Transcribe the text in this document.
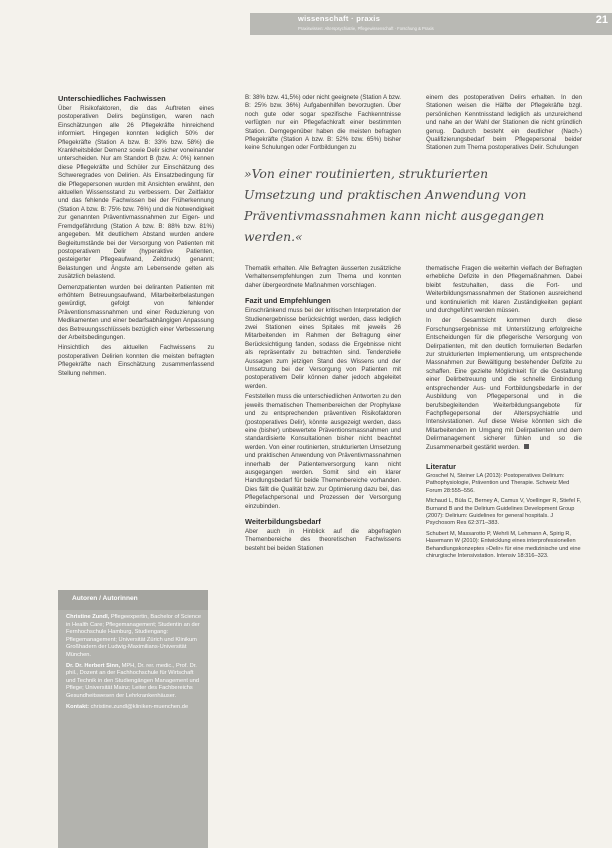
wissenschaft · praxis
Praxiswissen: Alterspsychiatrie, Pflegewissenschaft · Forschung & Praxis
21
Unterschiedliches Fachwissen

Über Risikofaktoren, die das Auftreten eines postoperativen Delirs begünstigen, waren nach Einschätzungen alle 26 Pflegekräfte hinreichend informiert. Hingegen konnten lediglich 50% der Pflegekräfte (Station A bzw. B: 33% bzw. 58%) die Krankheitsbilder Demenz sowie Delir sicher voneinander unterscheiden. Nur am Standort B (bzw. A: 0%) kennen diese Pflegekräfte und Schüler zur Einschätzung des Schweregrades von Delirien. Als Einsatzbedingung für die Pflegepersonen wurden mit Ansichten erwähnt, den aktuellen Wissensstand zu verbessern. Der Zeitfaktor und das fehlende Fachwissen bei der Früherkennung (Station A bzw. B: 75% bzw. 76%) und die Notwendigkeit zur genannten Präventivmassnahmen zur Eigen- und Fremdgefährdung (Station A bzw. B: 88% bzw. 81%) angegeben. Mit deutlichem Abstand wurden andere Begleitumstände bei der Versorgung von Patienten mit postoperativem Delir (hyperaktive Patienten, gesteigerter Pflegeaufwand, Zeitdruck) genannt; Belastungen und Ängste am Lebensende gelten als zusätzlich belastend.

Demenzpatienten wurden bei deliranten Patienten mit erhöhtem Betreuungsaufwand, Mitarbeiterbelastungen gewürdigt, gefolgt von fehlender Präventionsmassnahmen und einer Reduzierung von Medikamenten und einer bedarfsabhängigen Anpassung des Betreuungsschlüssels bezüglich einer Verbesserung der Arbeitsbedingungen.

Hinsichtlich des aktuellen Fachwissens zu postoperativen Delirien konnten die meisten befragten Pflegekräfte nach Einschätzung zusammenfassend Stellung nehmen.

B: 38% bzw. 41,5%) oder nicht geeignete (Station A bzw. B: 25% bzw. 36%) Aufgabenhilfen bevorzugten. Über noch gute oder sogar spezifische Fachkenntnisse verfügten nur ein Pflegefachkraft einer bestimmten Station. Demgegenüber haben die meisten befragten Pflegekräfte (Station A bzw. B: 52% bzw. 65%) bisher keine Schulungen oder Fortbildungen zu

einem des postoperativen Delirs erhalten. In den Stationen weisen die Hälfte der Pflegekräfte bzgl. persönlichen Kenntnisstand lediglich als unzureichend und nahe an der Wahl der Stationen die nicht gründlich genug. Dadurch besteht ein deutlicher (Nach-) Qualifizierungsbedarf beim Pflegepersonal beider Stationen zum Thema postoperatives Delir. Schulungen

»Von einer routinierten, strukturierten Umsetzung und praktischen Anwendung von Präventivmassnahmen kann nicht ausgegangen werden.«

Thematik erhalten. Alle Befragten äusserten zusätzliche Verhaltensempfehlungen zum Thema und konnten daher übergeordnete Maßnahmen vorschlagen.

Fazit und Empfehlungen

Einschränkend muss bei der kritischen Interpretation der Studienergebnisse berücksichtigt werden, dass lediglich zwei Stationen eines Spitales mit jeweils 26 Mitarbeitenden im Rahmen der Befragung einer Berücksichtigung fanden, sodass die Ergebnisse nicht als repräsentativ zu betrachten sind. Tendenzielle Aussagen zum jetzigen Stand des Wissens und der Umsetzung bei der Versorgung von Patienten mit postoperativem Delir können daher jedoch abgeleitet werden.

Feststellen muss die unterschiedlichen Antworten zu den jeweils thematischen Themenbereichen der Prophylaxe und zu entsprechenden präventiven Risikofaktoren (postoperatives Delir), könnte ausgezeigt werden, dass eine (bisher) unbewertete Präventionsmassnahmen und standardisierte Konsultationen bisher nicht beachtet werden. Von einer routinierten, strukturierten Umsetzung und praktischen Anwendung von Präventivmassnahmen innerhalb der Patientenversorgung kann nicht ausgegangen werden. Somit sind ein klarer Handlungsbedarf für beide Themenbereiche vorhanden. Dies fällt die Qualität bzw. zur Optimierung dazu bei, das Pflegefachpersonal und Prozessen der Versorgung einzubinden.

Weiterbildungsbedarf

Aber auch in Hinblick auf die abgefragten Themenbereiche des theoretischen Fachwissens besteht bei beiden Stationen

thematische Fragen die weiterhin vielfach der Befragten erhebliche Defizite in den Pflegemaßnahmen. Dabei bleibt festzuhalten, dass die Fort- und Weiterbildungsmassnahmen der Stationen ausreichend und kontinuierlich mit klaren Zuständigkeiten geplant und durchgeführt werden müssen.

In der Gesamtsicht kommen durch diese Forschungsergebnisse mit Unterstützung erfolgreiche Entscheidungen für die pflegerische Versorgung von Delirpatienten, mit den deutlich formulierten Bedarfen zur strukturierten Implementierung, um entsprechende Massnahmen zur Bewältigung bestehender Defizite zu schaffen. Eine gezielte Möglichkeit für die Gestaltung einer Delirbetreuung und die schnelle Einbindung entsprechender Aus- und Fortbildungsbedarfe in der Ausbildung von Pflegepersonal und in die berufsbegleitenden Weiterbildungsangebote für Fachpflegepersonal der Alterspsychiatrie und Intensivstationen. Auf diese Weise könnten sich die Mitarbeitenden im Umgang mit Delirpatienten und dem Delirmanagement sicherer fühlen und so die Zusammenarbeit gestärkt werden.

Literatur

Groschel N, Steiner LA (2013): Postoperatives Delirium: Pathophysiologie, Prävention und Therapie. Schweiz Med Forum 28:555–556.

Michaud L, Büla C, Berney A, Camus V, Voellinger R, Stiefel F, Burnand B and the Delirium Guidelines Development Group (2007): Delirium: Guidelines for general hospitals. J Psychosom Res 62:371–383.

Schubert M, Massarotto P, Wehrli M, Lehmann A, Spirig R, Hasemann W (2010): Entwicklung eines interprofessionellen Behandlungskonzeptes »Delir« für eine medizinische und eine chirurgische Intensivstation. Intensiv 18:316–323.

Autoren / Autorinnen

Christine Zundl, Pflegeexpertin, Bachelor of Science in Health Care; Pflegemanagement; Studentin an der Fernhochschule Hamburg, Studiengang: Pflegemanagement; Universität Zürich und Klinikum Großhadern der Ludwig-Maximilians-Universität München.

Dr. Dr. Herbert Sinn, MPH, Dr. rer. medic., Prof. Dr. phil., Dozent an der Fachhochschule für Wirtschaft und Technik in den Studiengängen Management und Pflege; Universität Mainz; Leiter des Fachbereichs Gesundheitswesen der Lehrkrankenhäuser.

Kontakt: christine.zundl@kliniken-muenchen.de
